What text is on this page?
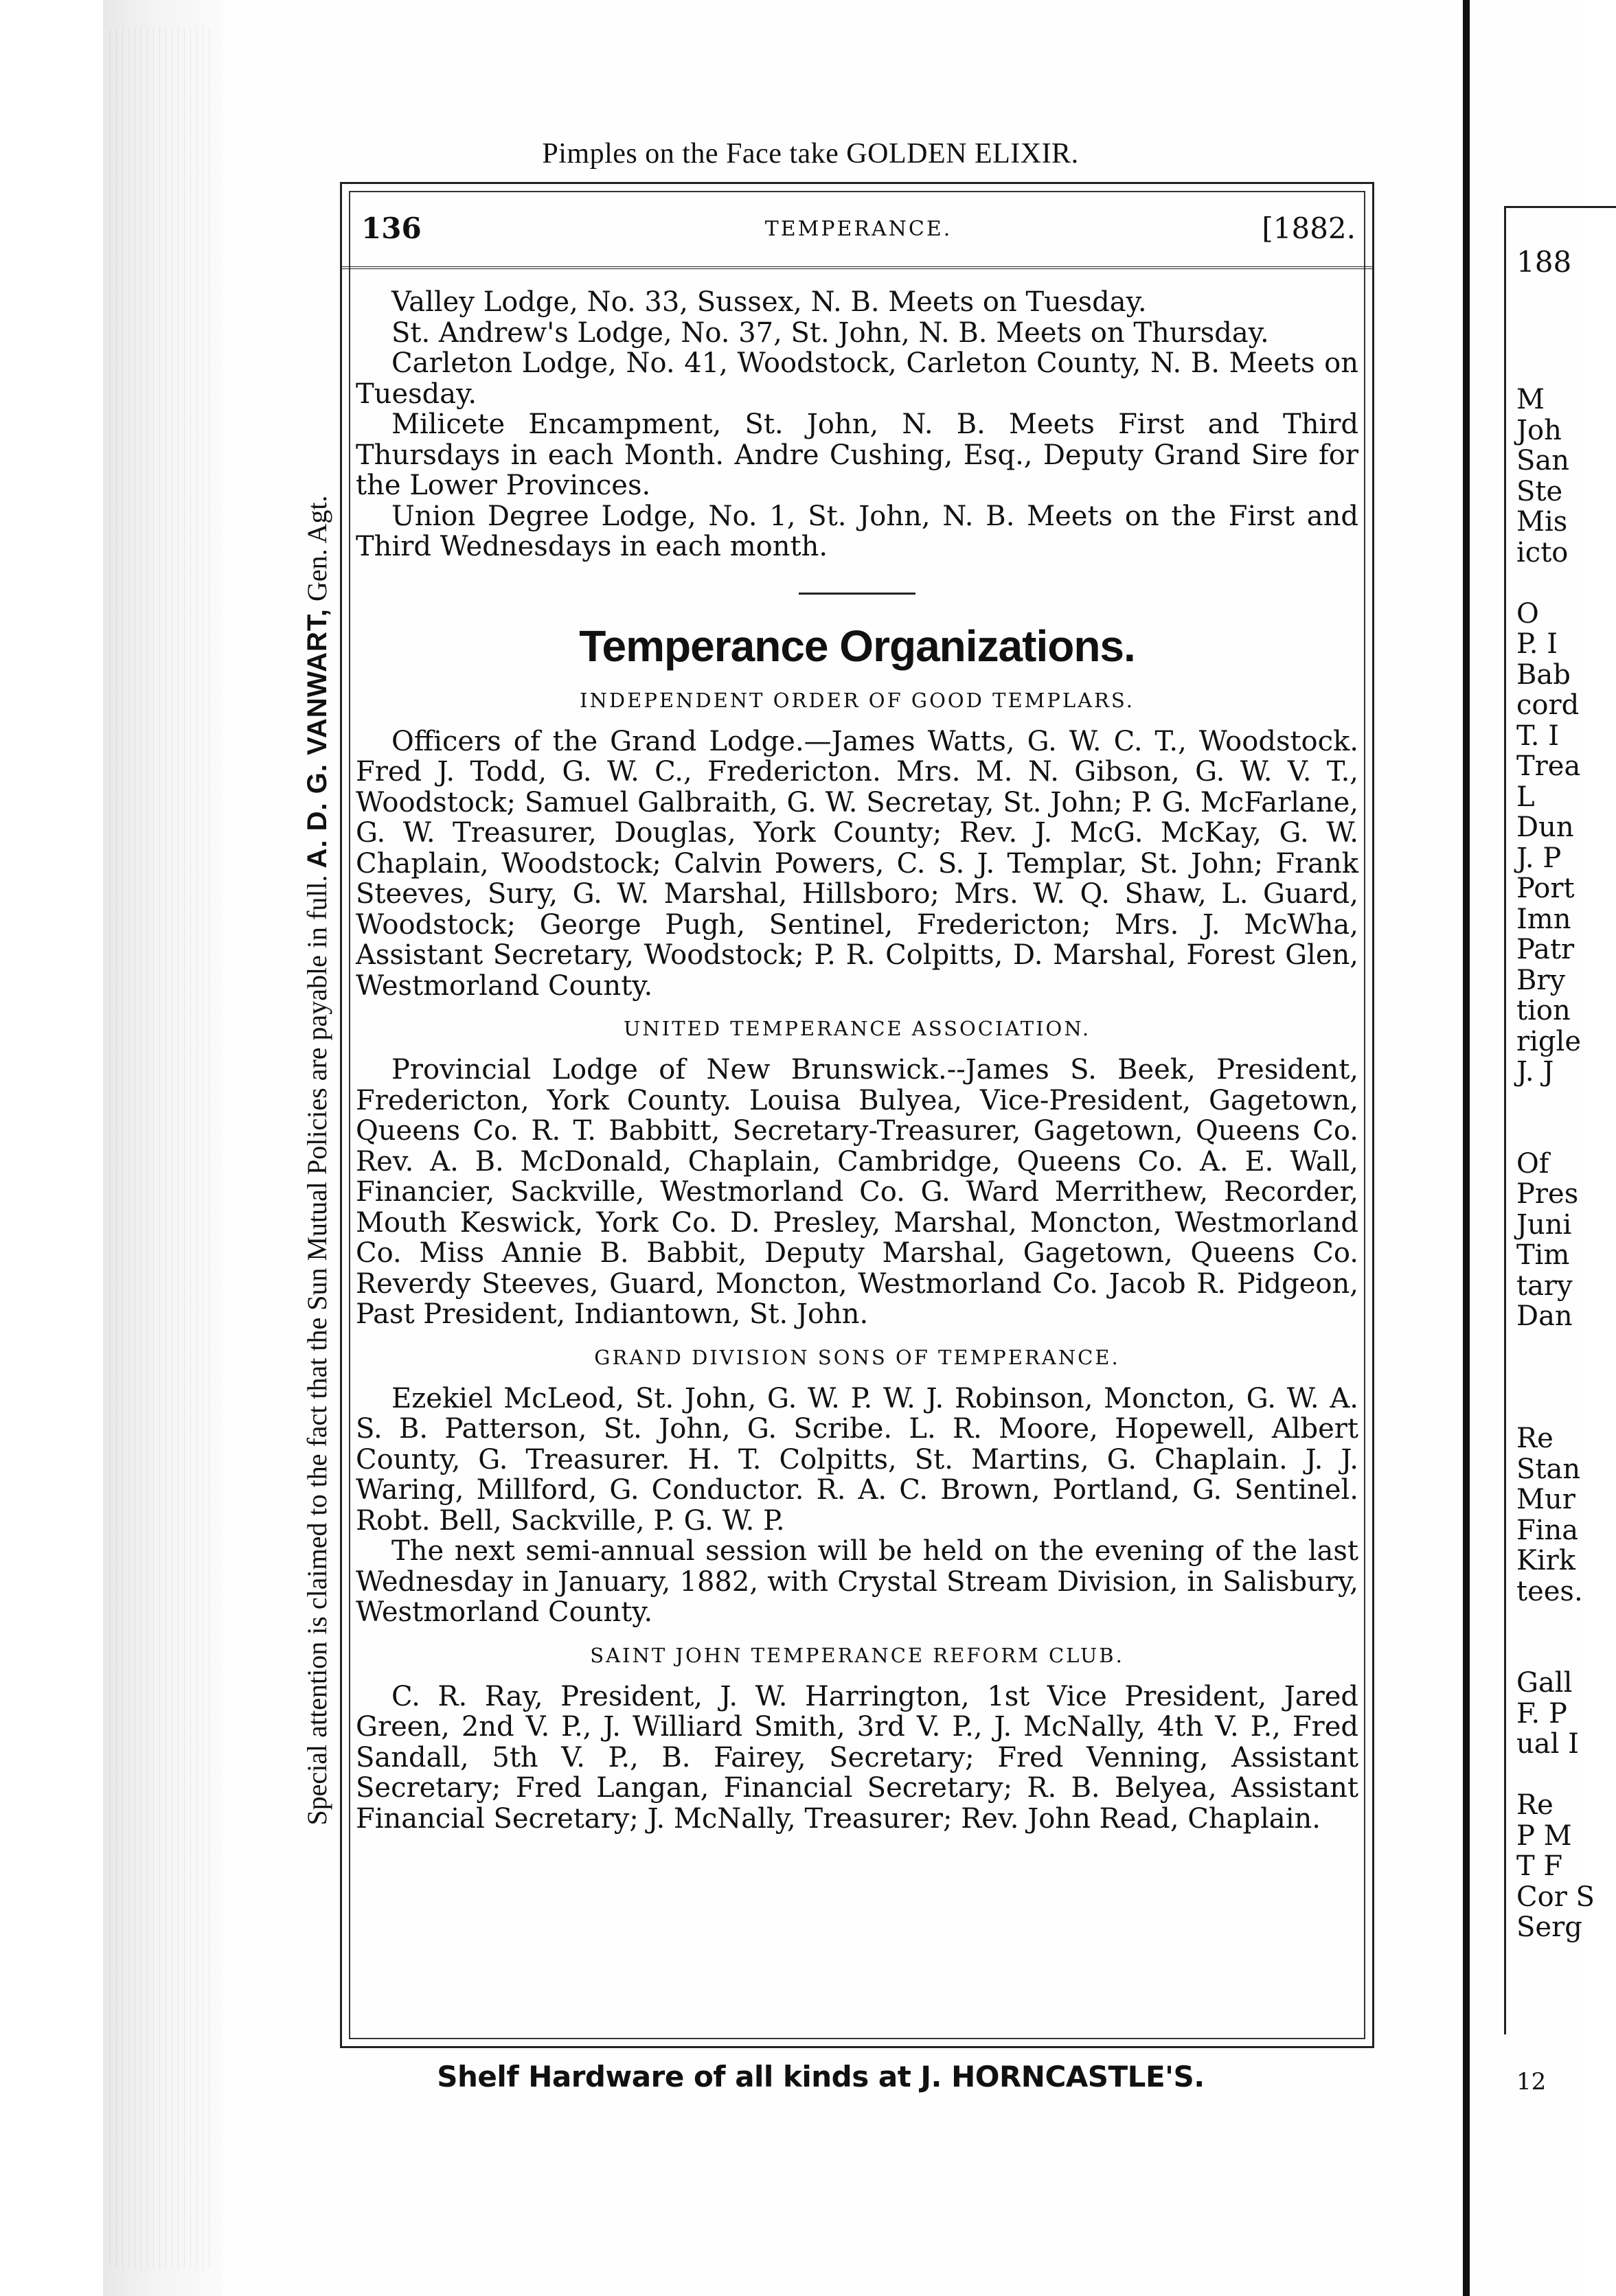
188
M
Joh
San
Ste
Mis
icto

O
P. I
Bab
cord
T. I
Trea
L
Dun
J. P
Port
Imn
Patr
Bry
tion
rigle
J. J

Of
Pres
Juni
Tim
tary
Dan

Re
Stan
Mur
Fina
Kirk
tees.

Gall
F. P
ual I

Re
P M
T F
Cor S
Serg
12
Pimples on the Face take GOLDEN ELIXIR.
Special attention is claimed to the fact that the Sun Mutual Policies are payable in full. A. D. G. VANWART, Gen. Agt.
136	TEMPERANCE.	[1882.

Valley Lodge, No. 33, Sussex, N. B. Meets on Tuesday.

St. Andrew's Lodge, No. 37, St. John, N. B. Meets on Thursday.

Carleton Lodge, No. 41, Woodstock, Carleton County, N. B. Meets on Tuesday.

Milicete Encampment, St. John, N. B. Meets First and Third Thursdays in each Month. Andre Cushing, Esq., Deputy Grand Sire for the Lower Provinces.

Union Degree Lodge, No. 1, St. John, N. B. Meets on the First and Third Wednesdays in each month.

Temperance Organizations.
INDEPENDENT ORDER OF GOOD TEMPLARS.

Officers of the Grand Lodge.—James Watts, G. W. C. T., Woodstock. Fred J. Todd, G. W. C., Fredericton. Mrs. M. N. Gibson, G. W. V. T., Woodstock; Samuel Galbraith, G. W. Secretay, St. John; P. G. McFarlane, G. W. Treasurer, Douglas, York County; Rev. J. McG. McKay, G. W. Chaplain, Woodstock; Calvin Powers, C. S. J. Templar, St. John; Frank Steeves, Sury, G. W. Marshal, Hillsboro; Mrs. W. Q. Shaw, L. Guard, Woodstock; George Pugh, Sentinel, Fredericton; Mrs. J. McWha, Assistant Secretary, Woodstock; P. R. Colpitts, D. Marshal, Forest Glen, Westmorland County.

UNITED TEMPERANCE ASSOCIATION.

Provincial Lodge of New Brunswick.--James S. Beek, President, Fredericton, York County. Louisa Bulyea, Vice-President, Gagetown, Queens Co. R. T. Babbitt, Secretary-Treasurer, Gagetown, Queens Co. Rev. A. B. McDonald, Chaplain, Cambridge, Queens Co. A. E. Wall, Financier, Sackville, Westmorland Co. G. Ward Merrithew, Recorder, Mouth Keswick, York Co. D. Presley, Marshal, Moncton, Westmorland Co. Miss Annie B. Babbit, Deputy Marshal, Gagetown, Queens Co. Reverdy Steeves, Guard, Moncton, Westmorland Co. Jacob R. Pidgeon, Past President, Indiantown, St. John.

GRAND DIVISION SONS OF TEMPERANCE.

Ezekiel McLeod, St. John, G. W. P. W. J. Robinson, Moncton, G. W. A. S. B. Patterson, St. John, G. Scribe. L. R. Moore, Hopewell, Albert County, G. Treasurer. H. T. Colpitts, St. Martins, G. Chaplain. J. J. Waring, Millford, G. Conductor. R. A. C. Brown, Portland, G. Sentinel. Robt. Bell, Sackville, P. G. W. P.

The next semi-annual session will be held on the evening of the last Wednesday in January, 1882, with Crystal Stream Division, in Salisbury, Westmorland County.

SAINT JOHN TEMPERANCE REFORM CLUB.

C. R. Ray, President, J. W. Harrington, 1st Vice President, Jared Green, 2nd V. P., J. Williard Smith, 3rd V. P., J. McNally, 4th V. P., Fred Sandall, 5th V. P., B. Fairey, Secretary; Fred Venning, Assistant Secretary; Fred Langan, Financial Secretary; R. B. Belyea, Assistant Financial Secretary; J. McNally, Treasurer; Rev. John Read, Chaplain.

Shelf Hardware of all kinds at J. HORNCASTLE'S.
